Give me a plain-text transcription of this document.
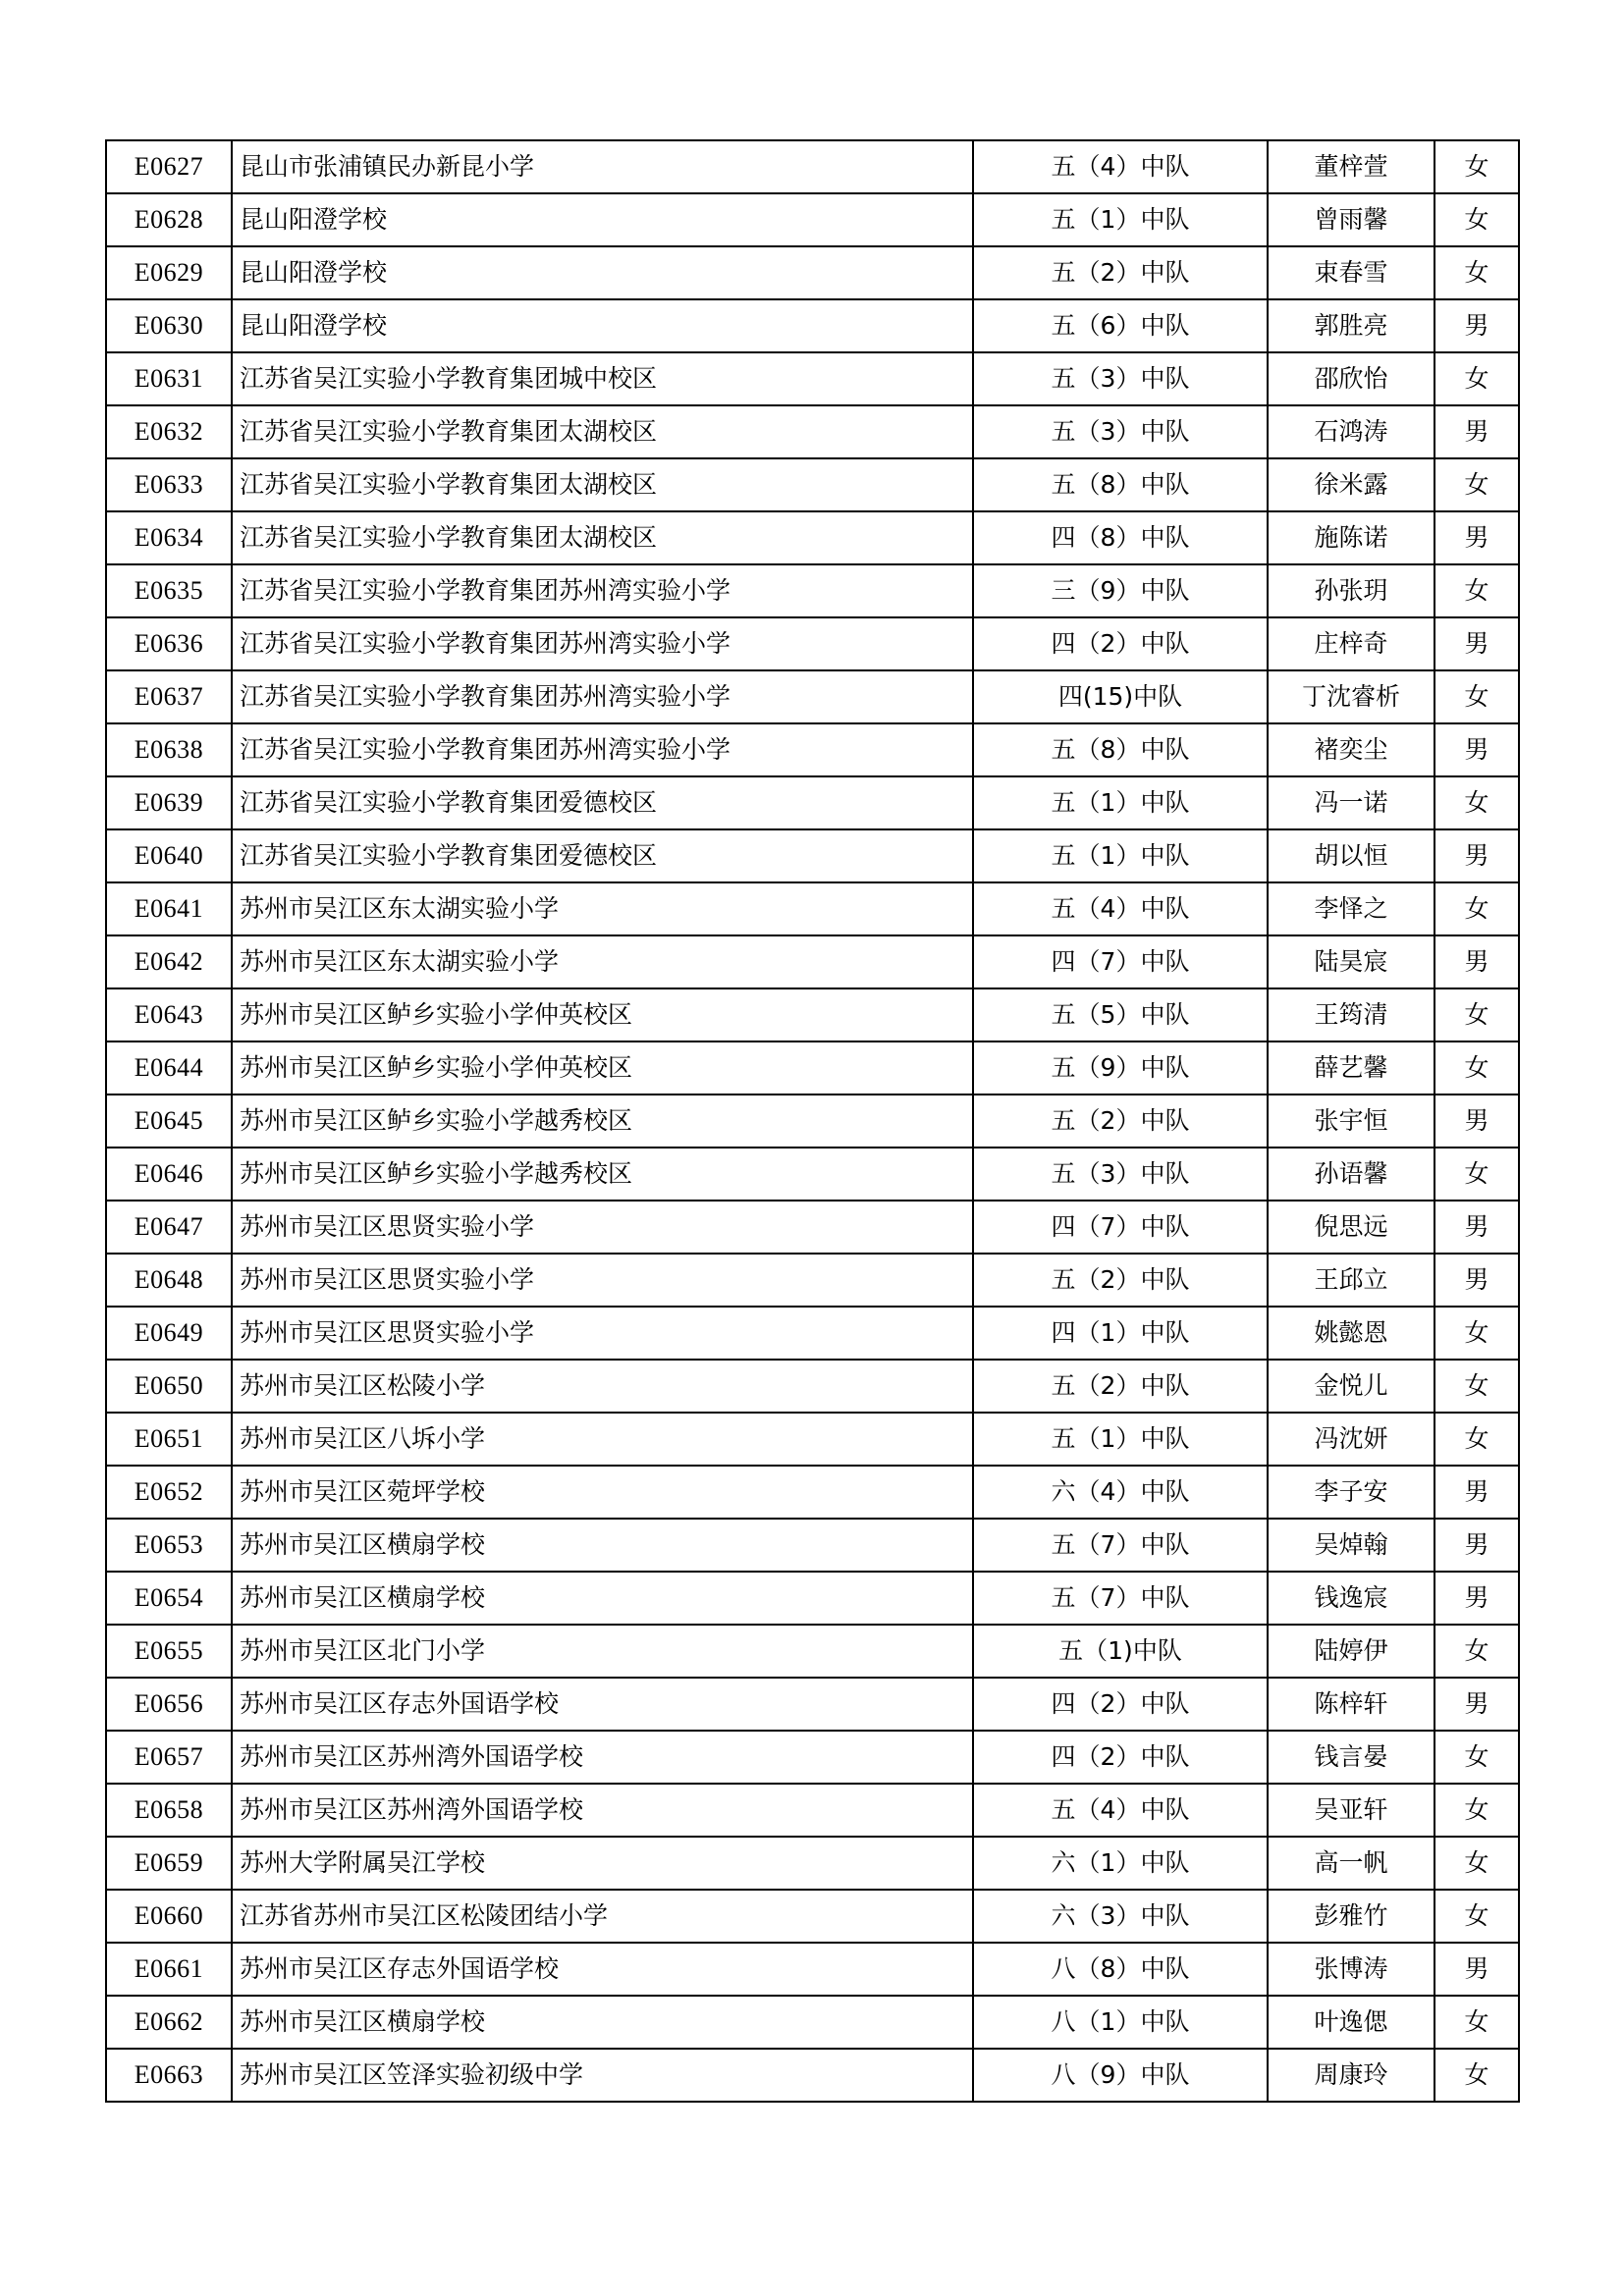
E0627	昆山市张浦镇民办新昆小学	五（4）中队	董梓萱	女
E0628	昆山阳澄学校	五（1）中队	曾雨馨	女
E0629	昆山阳澄学校	五（2）中队	束春雪	女
E0630	昆山阳澄学校	五（6）中队	郭胜亮	男
E0631	江苏省吴江实验小学教育集团城中校区	五（3）中队	邵欣怡	女
E0632	江苏省吴江实验小学教育集团太湖校区	五（3）中队	石鸿涛	男
E0633	江苏省吴江实验小学教育集团太湖校区	五（8）中队	徐米露	女
E0634	江苏省吴江实验小学教育集团太湖校区	四（8）中队	施陈诺	男
E0635	江苏省吴江实验小学教育集团苏州湾实验小学	三（9）中队	孙张玥	女
E0636	江苏省吴江实验小学教育集团苏州湾实验小学	四（2）中队	庄梓奇	男
E0637	江苏省吴江实验小学教育集团苏州湾实验小学	四(15)中队	丁沈睿析	女
E0638	江苏省吴江实验小学教育集团苏州湾实验小学	五（8）中队	褚奕尘	男
E0639	江苏省吴江实验小学教育集团爱德校区	五（1）中队	冯一诺	女
E0640	江苏省吴江实验小学教育集团爱德校区	五（1）中队	胡以恒	男
E0641	苏州市吴江区东太湖实验小学	五（4）中队	李怿之	女
E0642	苏州市吴江区东太湖实验小学	四（7）中队	陆昊宸	男
E0643	苏州市吴江区鲈乡实验小学仲英校区	五（5）中队	王筠清	女
E0644	苏州市吴江区鲈乡实验小学仲英校区	五（9）中队	薛艺馨	女
E0645	苏州市吴江区鲈乡实验小学越秀校区	五（2）中队	张宇恒	男
E0646	苏州市吴江区鲈乡实验小学越秀校区	五（3）中队	孙语馨	女
E0647	苏州市吴江区思贤实验小学	四（7）中队	倪思远	男
E0648	苏州市吴江区思贤实验小学	五（2）中队	王邱立	男
E0649	苏州市吴江区思贤实验小学	四（1）中队	姚懿恩	女
E0650	苏州市吴江区松陵小学	五（2）中队	金悦儿	女
E0651	苏州市吴江区八坼小学	五（1）中队	冯沈妍	女
E0652	苏州市吴江区菀坪学校	六（4）中队	李子安	男
E0653	苏州市吴江区横扇学校	五（7）中队	吴焯翰	男
E0654	苏州市吴江区横扇学校	五（7）中队	钱逸宸	男
E0655	苏州市吴江区北门小学	五（1)中队	陆婷伊	女
E0656	苏州市吴江区存志外国语学校	四（2）中队	陈梓轩	男
E0657	苏州市吴江区苏州湾外国语学校	四（2）中队	钱言晏	女
E0658	苏州市吴江区苏州湾外国语学校	五（4）中队	吴亚轩	女
E0659	苏州大学附属吴江学校	六（1）中队	高一帆	女
E0660	江苏省苏州市吴江区松陵团结小学	六（3）中队	彭雅竹	女
E0661	苏州市吴江区存志外国语学校	八（8）中队	张博涛	男
E0662	苏州市吴江区横扇学校	八（1）中队	叶逸偲	女
E0663	苏州市吴江区笠泽实验初级中学	八（9）中队	周康玲	女
